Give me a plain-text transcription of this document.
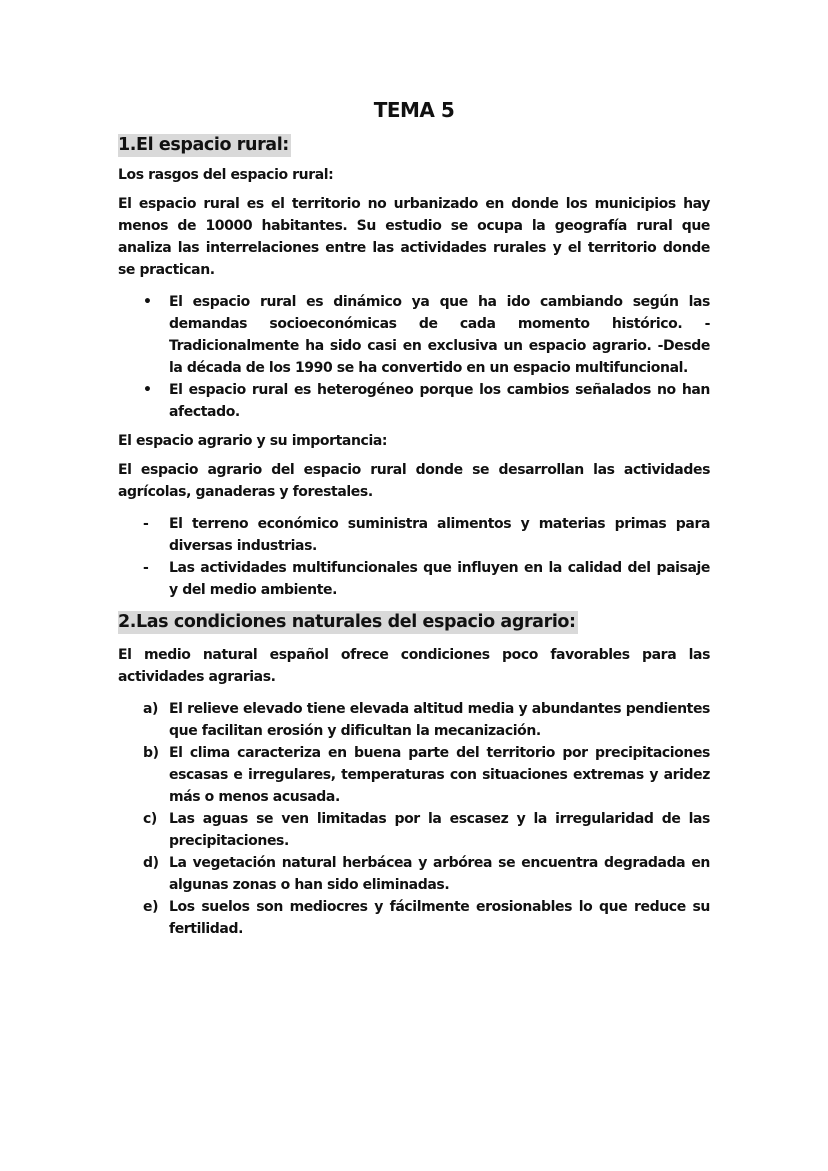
TEMA 5
1.El espacio rural:
Los rasgos del espacio rural:
El espacio rural es el territorio no urbanizado en donde los municipios hay menos de 10000 habitantes. Su estudio se ocupa la geografía rural que analiza las interrelaciones entre las actividades rurales y el territorio donde se practican.
• El espacio rural es dinámico ya que ha ido cambiando según las demandas socioeconómicas de cada momento histórico. -Tradicionalmente ha sido casi en exclusiva un espacio agrario. -Desde la década de los 1990 se ha convertido en un espacio multifuncional.
• El espacio rural es heterogéneo porque los cambios señalados no han afectado.
El espacio agrario y su importancia:
El espacio agrario del espacio rural donde se desarrollan las actividades agrícolas, ganaderas y forestales.
- El terreno económico suministra alimentos y materias primas para diversas industrias.
- Las actividades multifuncionales que influyen en la calidad del paisaje y del medio ambiente.
2.Las condiciones naturales del espacio agrario:
El medio natural español ofrece condiciones poco favorables para las actividades agrarias.
a) El relieve elevado tiene elevada altitud media y abundantes pendientes que facilitan erosión y dificultan la mecanización.
b) El clima caracteriza en buena parte del territorio por precipitaciones escasas e irregulares, temperaturas con situaciones extremas y aridez más o menos acusada.
c) Las aguas se ven limitadas por la escasez y la irregularidad de las precipitaciones.
d) La vegetación natural herbácea y arbórea se encuentra degradada en algunas zonas o han sido eliminadas.
e) Los suelos son mediocres y fácilmente erosionables lo que reduce su fertilidad.
